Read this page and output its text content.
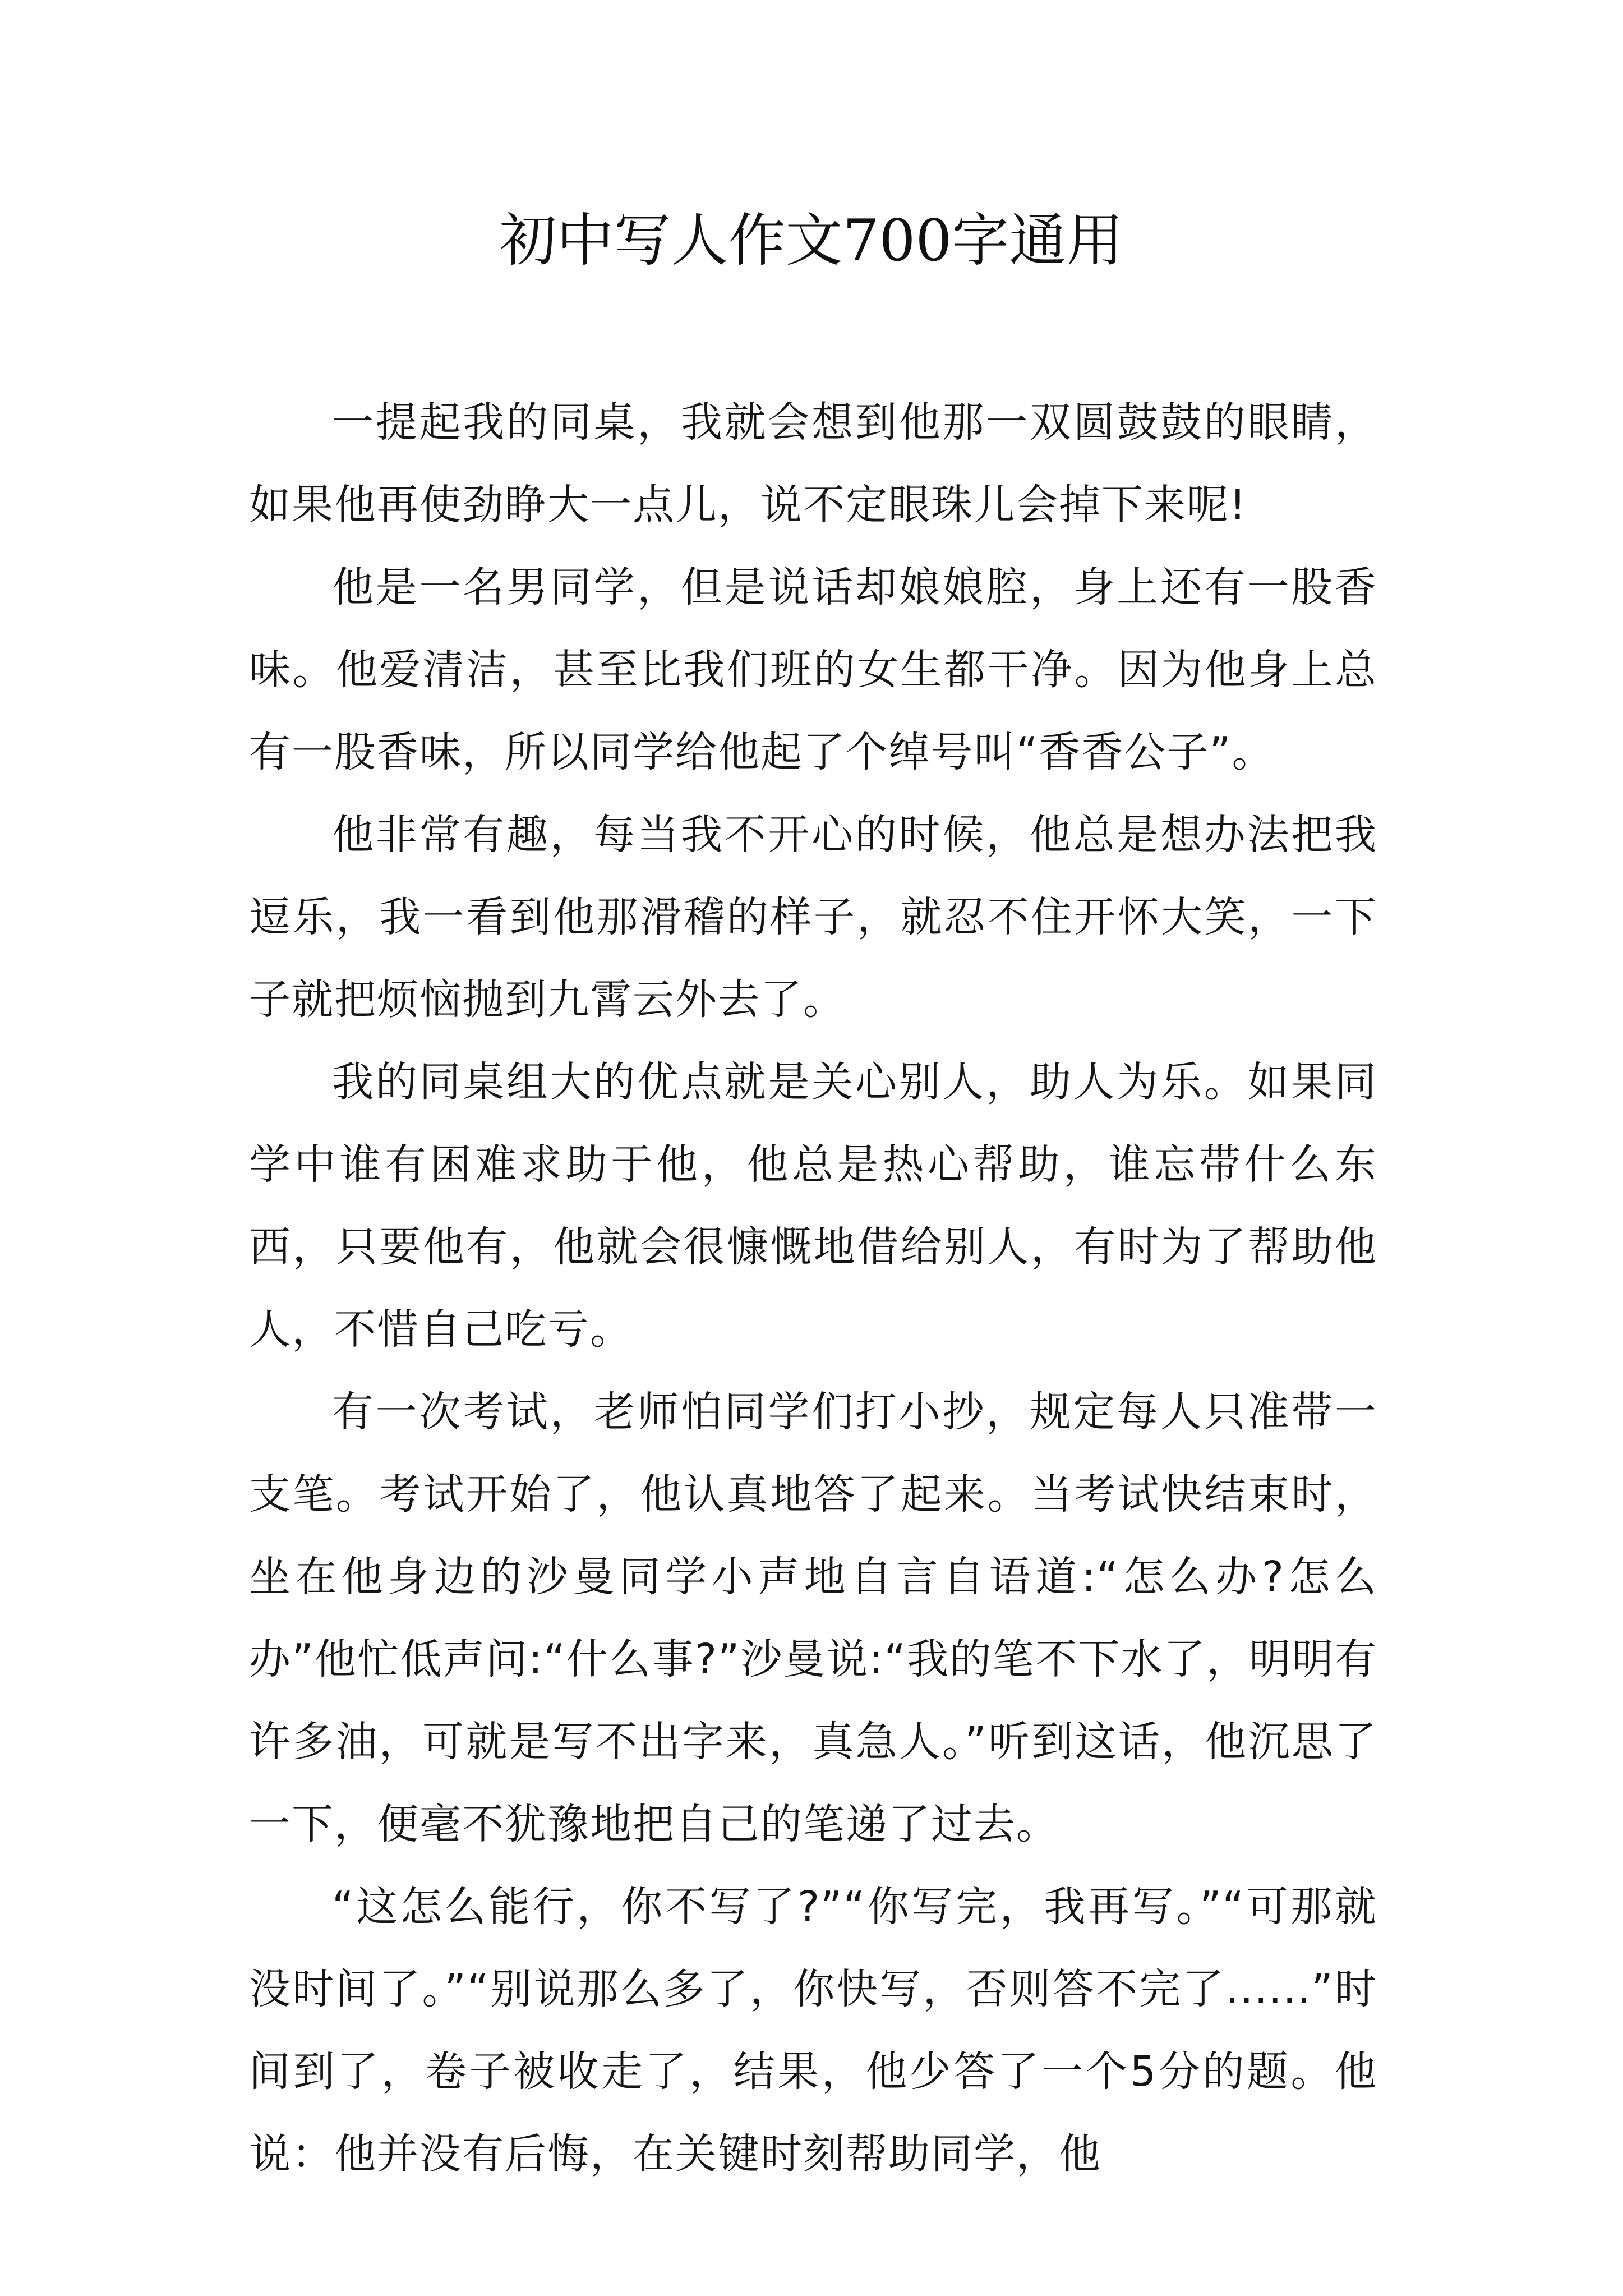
初中写人作文700字通用

一提起我的同桌，我就会想到他那一双圆鼓鼓的眼睛，如果他再使劲睁大一点儿，说不定眼珠儿会掉下来呢!

他是一名男同学，但是说话却娘娘腔，身上还有一股香味。他爱清洁，甚至比我们班的女生都干净。因为他身上总有一股香味，所以同学给他起了个绰号叫“香香公子”。

他非常有趣，每当我不开心的时候，他总是想办法把我逗乐，我一看到他那滑稽的样子，就忍不住开怀大笑，一下子就把烦恼抛到九霄云外去了。

我的同桌组大的优点就是关心别人，助人为乐。如果同学中谁有困难求助于他，他总是热心帮助，谁忘带什么东西，只要他有，他就会很慷慨地借给别人，有时为了帮助他人，不惜自己吃亏。

有一次考试，老师怕同学们打小抄，规定每人只准带一支笔。考试开始了，他认真地答了起来。当考试快结束时，坐在他身边的沙曼同学小声地自言自语道:“怎么办?怎么办”他忙低声问:“什么事?”沙曼说:“我的笔不下水了，明明有许多油，可就是写不出字来，真急人。”听到这话，他沉思了一下，便毫不犹豫地把自己的笔递了过去。

“这怎么能行，你不写了?”“你写完，我再写。”“可那就没时间了。”“别说那么多了，你快写，否则答不完了......”时间到了，卷子被收走了，结果，他少答了一个5分的题。他说：他并没有后悔，在关键时刻帮助同学，他
